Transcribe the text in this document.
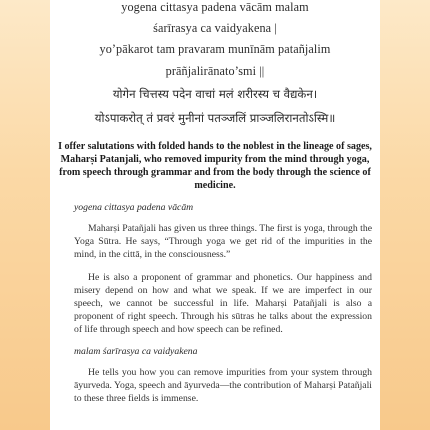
yogena cittasya padena vācām malam
śarīrasya ca vaidyakena |
yo’pākarot tam pravaram munīnām patañjalim
prāñjalirānato’smi ||
योगेन चित्तस्य पदेन वाचां मलं शरीरस्य च वैद्यकेन।
योऽपाकरोत् तं प्रवरं मुनीनां पतञ्जलिं प्राञ्जलिरानतोऽस्मि॥
I offer salutations with folded hands to the noblest in the lineage of sages, Maharṣi Patanjali, who removed impurity from the mind through yoga, from speech through grammar and from the body through the science of medicine.

yogena cittasya padena vācām

Maharṣi Patañjali has given us three things. The first is yoga, through the Yoga Sūtra. He says, “Through yoga we get rid of the impurities in the mind, in the cittā, in the consciousness.”

He is also a proponent of grammar and phonetics. Our happiness and misery depend on how and what we speak. If we are imperfect in our speech, we cannot be successful in life. Maharṣi Patañjali is also a proponent of right speech. Through his sūtras he talks about the expression of life through speech and how speech can be refined.

malam śarīrasya ca vaidyakena

He tells you how you can remove impurities from your system through āyurveda. Yoga, speech and āyurveda—the contribution of Maharṣi Patañjali to these three fields is immense.
